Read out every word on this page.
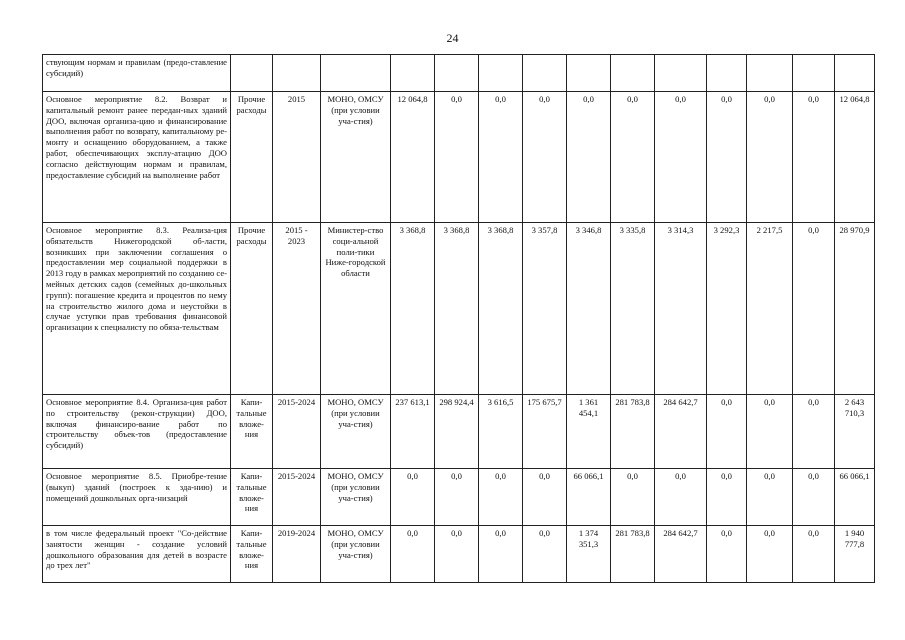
24
ствующим нормам и правилам (предо-ставление субсидий)														
Основное мероприятие 8.2. Возврат и капитальный ремонт ранее передан-ных зданий ДОО, включая организа-цию и финансирование выполнения работ по возврату, капитальному ре-монту и оснащению оборудованием, а также работ, обеспечивающих эксплу-атацию ДОО согласно действующим нормам и правилам, предоставление субсидий на выполнение работ	Прочие расходы	2015	МОНО, ОМСУ (при условии уча-стия)	12 064,8	0,0	0,0	0,0	0,0	0,0	0,0	0,0	0,0	0,0	12 064,8
Основное мероприятие 8.3. Реализа-ция обязательств Нижегородской об-ласти, возникших при заключении соглашения о предоставлении мер социальной поддержки в 2013 году в рамках мероприятий по созданию се-мейных детских садов (семейных до-школьных групп): погашение кредита и процентов по нему на строительство жилого дома и неустойки в случае уступки прав требования финансовой организации к специалисту по обяза-тельствам	Прочие расходы	2015 - 2023	Министер-ство соци-альной поли-тики Ниже-городской области	3 368,8	3 368,8	3 368,8	3 357,8	3 346,8	3 335,8	3 314,3	3 292,3	2 217,5	0,0	28 970,9
Основное мероприятие 8.4. Организа-ция работ по строительству (рекон-струкции) ДОО, включая финансиро-вание работ по строительству объек-тов (предоставление субсидий)	Капи-тальные вложе-ния	2015-2024	МОНО, ОМСУ (при условии уча-стия)	237 613,1	298 924,4	3 616,5	175 675,7	1 361 454,1	281 783,8	284 642,7	0,0	0,0	0,0	2 643 710,3
Основное мероприятие 8.5. Приобре-тение (выкуп) зданий (построек к зда-нию) и помещений дошкольных орга-низаций	Капи-тальные вложе-ния	2015-2024	МОНО, ОМСУ (при условии уча-стия)	0,0	0,0	0,0	0,0	66 066,1	0,0	0,0	0,0	0,0	0,0	66 066,1
в том числе федеральный проект "Со-действие занятости женщин - создание условий дошкольного образования для детей в возрасте до трех лет"	Капи-тальные вложе-ния	2019-2024	МОНО, ОМСУ (при условии уча-стия)	0,0	0,0	0,0	0,0	1 374 351,3	281 783,8	284 642,7	0,0	0,0	0,0	1 940 777,8
